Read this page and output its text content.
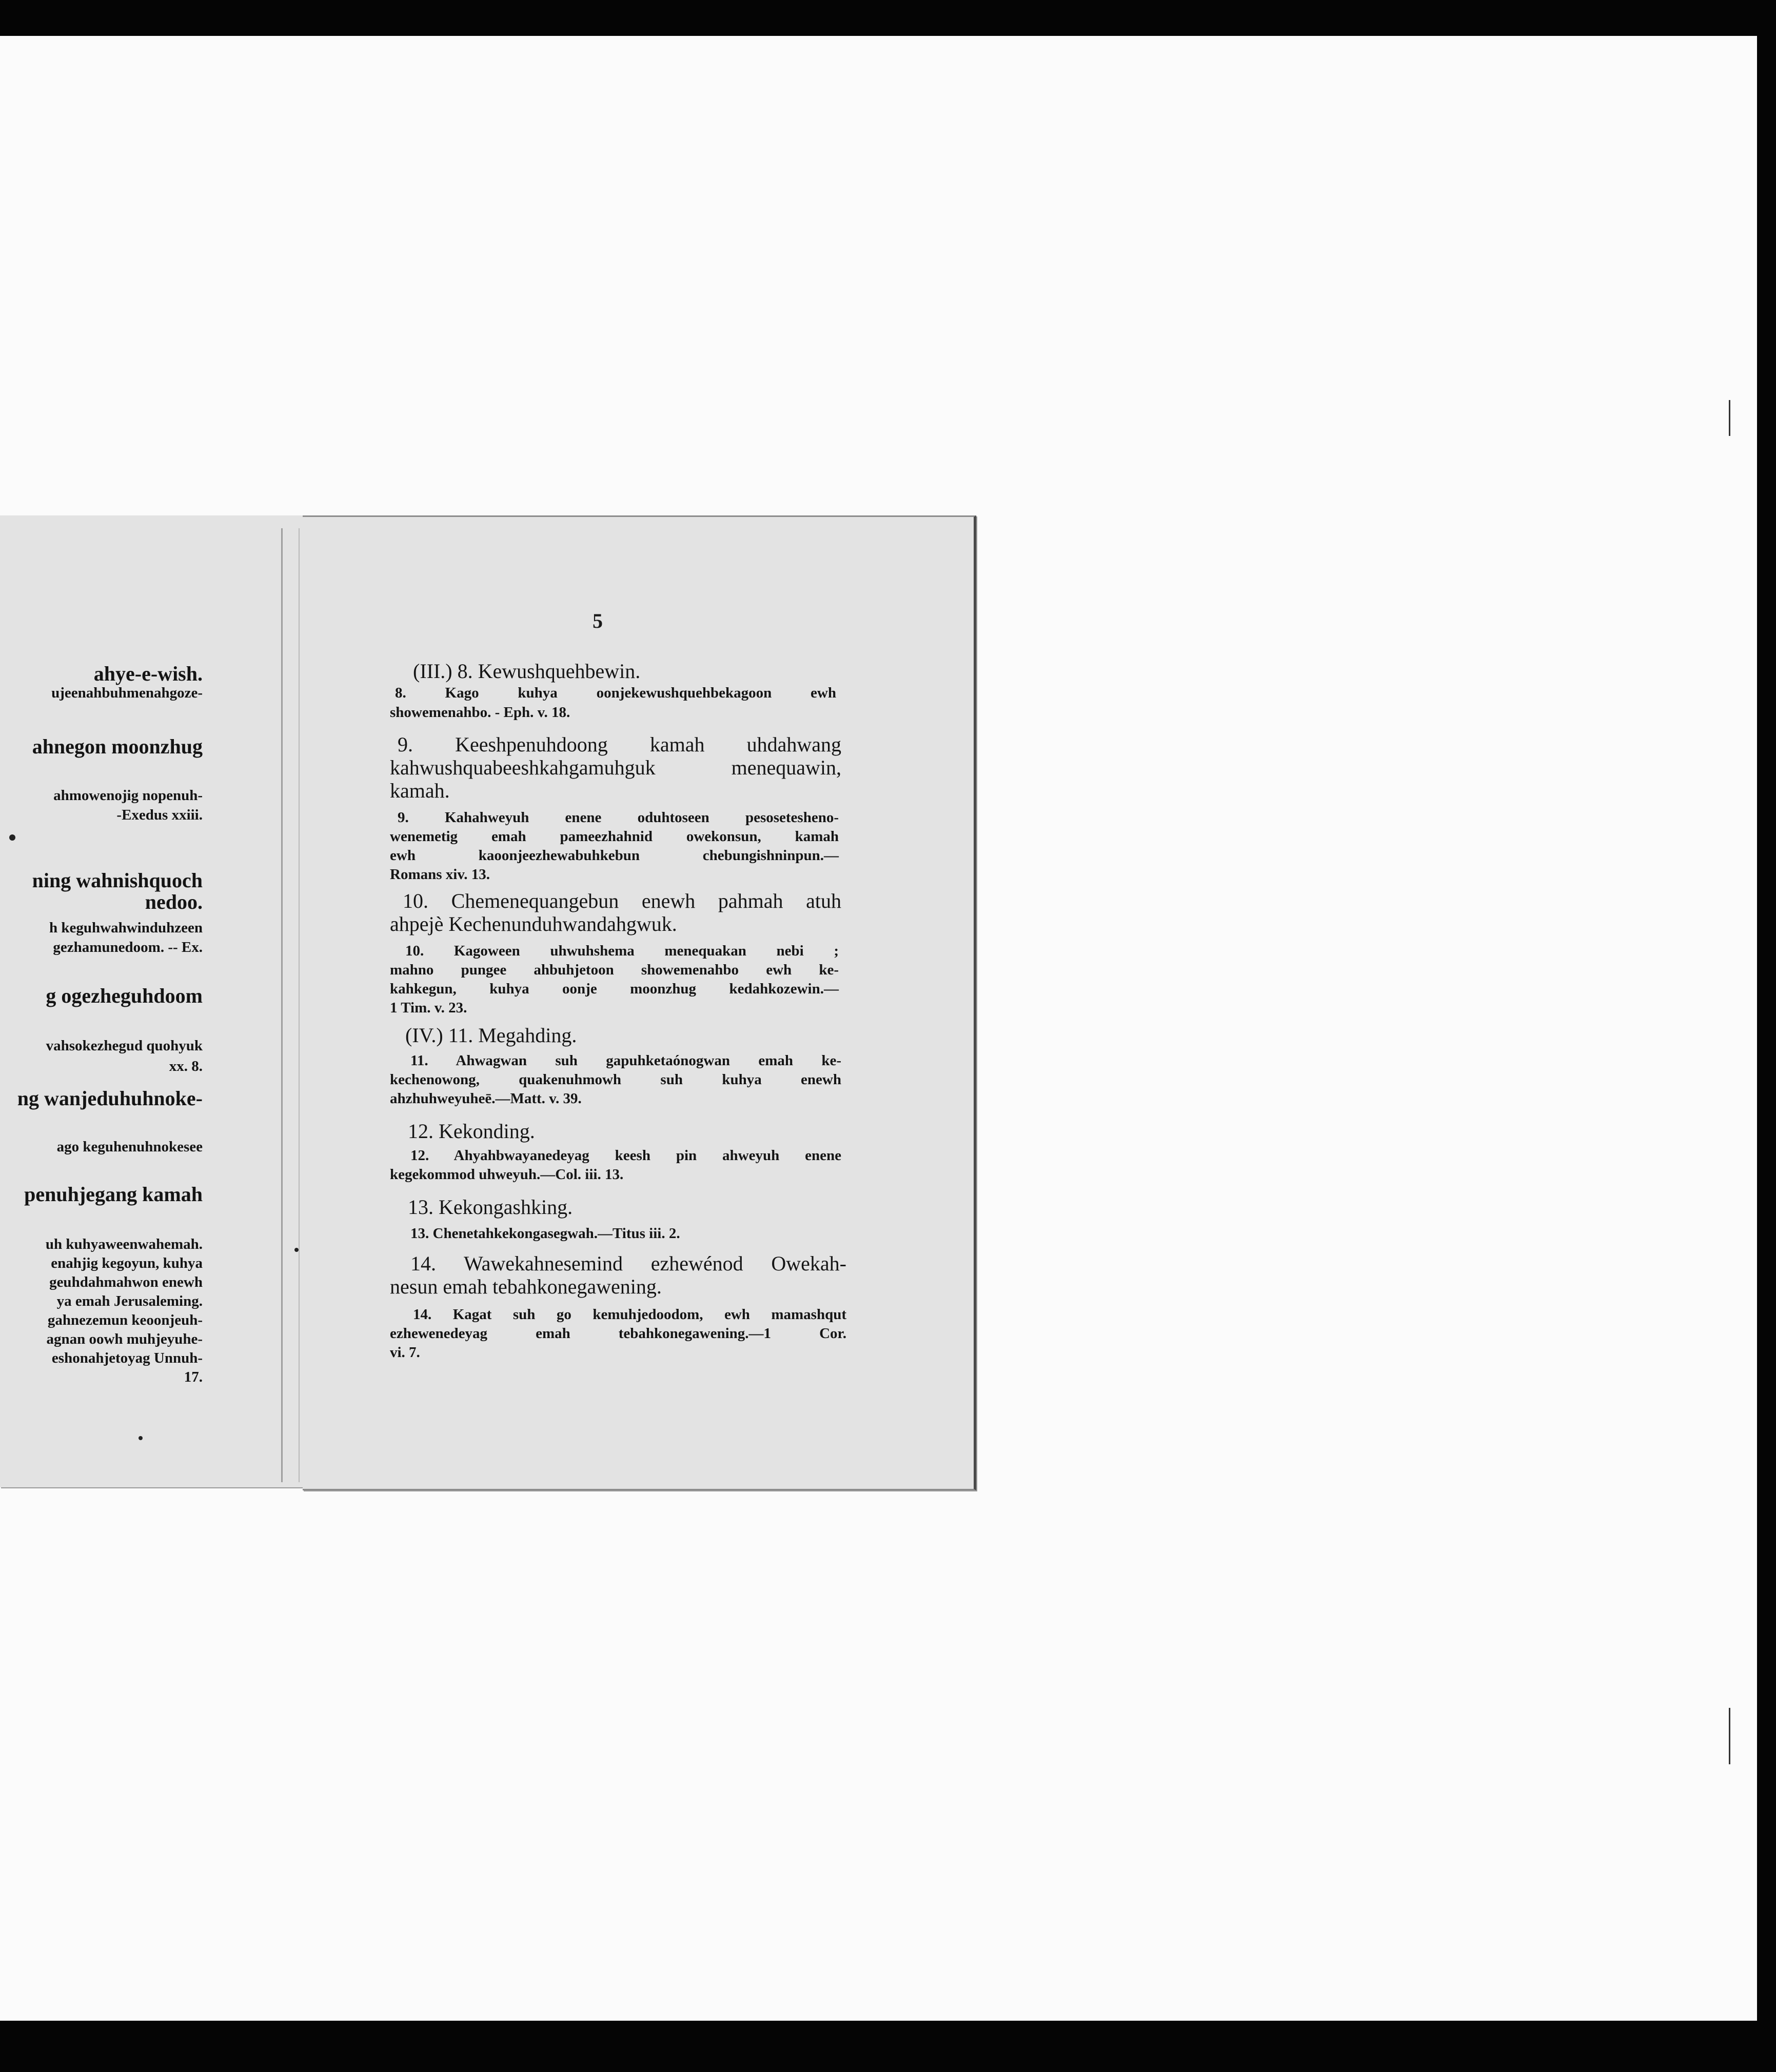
ahye-e-wish.
ujeenahbuhmenahgoze-
ahnegon moonzhug
ahmowenojig nopenuh-
-Exedus xxiii.
ning wahnishquoch
nedoo.
h keguhwahwinduhzeen
gezhamunedoom. -- Ex.
g ogezheguhdoom
vahsokezhegud quohyuk
xx. 8.
ng wanjeduhuhnoke-
ago keguhenuhnokesee
penuhjegang kamah
uh kuhyaweenwahemah.
enahjig kegoyun, kuhya
geuhdahmahwon enewh
ya emah Jerusaleming.
gahnezemun keoonjeuh-
agnan oowh muhjeyuhe-
eshonahjetoyag Unnuh-
17.
5
(III.) 8. Kewushquehbewin.
8. Kago kuhya oonjekewushquehbekagoon ewh
showemenahbo. - Eph. v. 18.
9. Keeshpenuhdoong kamah uhdahwang
kahwushquabeeshkahgamuhguk menequawin,
kamah.
9. Kahahweyuh enene oduhtoseen pesosetesheno-
wenemetig emah pameezhahnid owekonsun, kamah
ewh kaoonjeezhewabuhkebun chebungishninpun.—
Romans xiv. 13.
10. Chemenequangebun enewh pahmah atuh
ahpejè Kechenunduhwandahgwuk.
10. Kagoween uhwuhshema menequakan nebi ;
mahno pungee ahbuhjetoon showemenahbo ewh ke-
kahkegun, kuhya oonje moonzhug kedahkozewin.—
1 Tim. v. 23.
(IV.) 11. Megahding.
11. Ahwagwan suh gapuhketaónogwan emah ke-
kechenowong, quakenuhmowh suh kuhya enewh
ahzhuhweyuheē.—Matt. v. 39.
12. Kekonding.
12. Ahyahbwayanedeyag keesh pin ahweyuh enene
kegekommod uhweyuh.—Col. iii. 13.
13. Kekongashking.
13. Chenetahkekongasegwah.—Titus iii. 2.
14. Wawekahnesemind ezhewénod Owekah-
nesun emah tebahkonegawening.
14. Kagat suh go kemuhjedoodom, ewh mamashqut
ezhewenedeyag emah tebahkonegawening.—1 Cor.
vi. 7.
